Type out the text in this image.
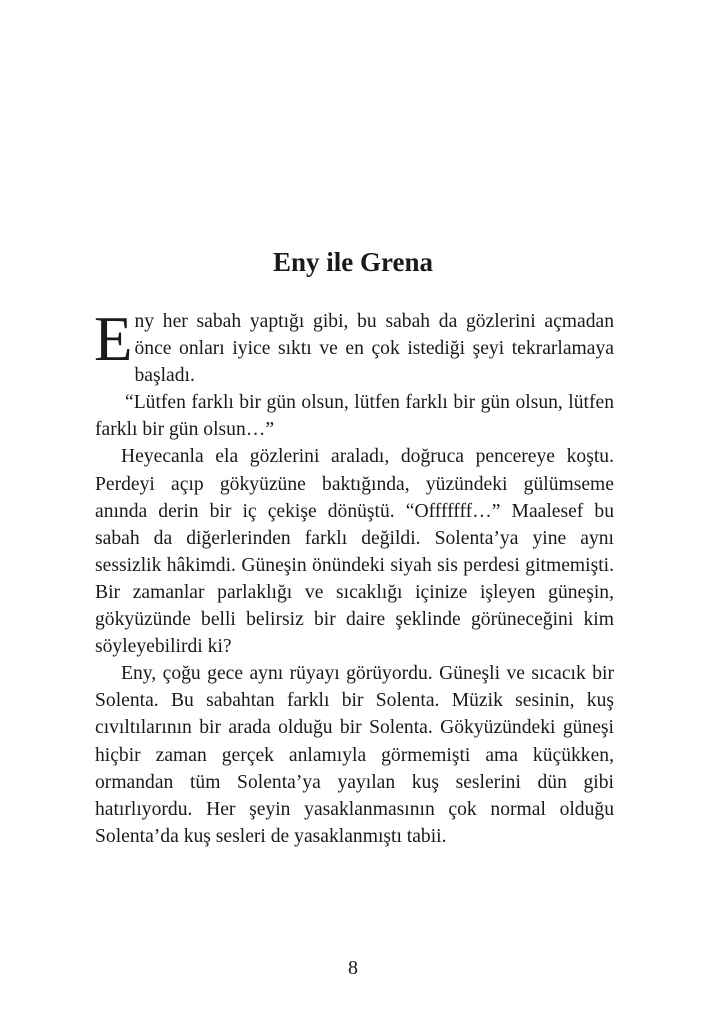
Eny ile Grena

Eny her sabah yaptığı gibi, bu sabah da gözlerini açmadan önce onları iyice sıktı ve en çok istediği şeyi tekrarlamaya başladı.

“Lütfen farklı bir gün olsun, lütfen farklı bir gün olsun, lütfen farklı bir gün olsun…”

Heyecanla ela gözlerini araladı, doğruca pencereye koştu. Perdeyi açıp gökyüzüne baktığında, yüzündeki gülümseme anında derin bir iç çekişe dönüştü. “Offfffff…” Maalesef bu sabah da diğerlerinden farklı değildi. Solenta’ya yine aynı sessizlik hâkimdi. Güneşin önündeki siyah sis perdesi gitmemişti. Bir zamanlar parlaklığı ve sıcaklığı içinize işleyen güneşin, gökyüzünde belli belirsiz bir daire şeklinde görüneceğini kim söyleyebilirdi ki?

Eny, çoğu gece aynı rüyayı görüyordu. Güneşli ve sıcacık bir Solenta. Bu sabahtan farklı bir Solenta. Müzik sesinin, kuş cıvıltılarının bir arada olduğu bir Solenta. Gökyüzündeki güneşi hiçbir zaman gerçek anlamıyla görmemişti ama küçükken, ormandan tüm Solenta’ya yayılan kuş seslerini dün gibi hatırlıyordu. Her şeyin yasaklanmasının çok normal olduğu Solenta’da kuş sesleri de yasaklanmıştı tabii.

8
